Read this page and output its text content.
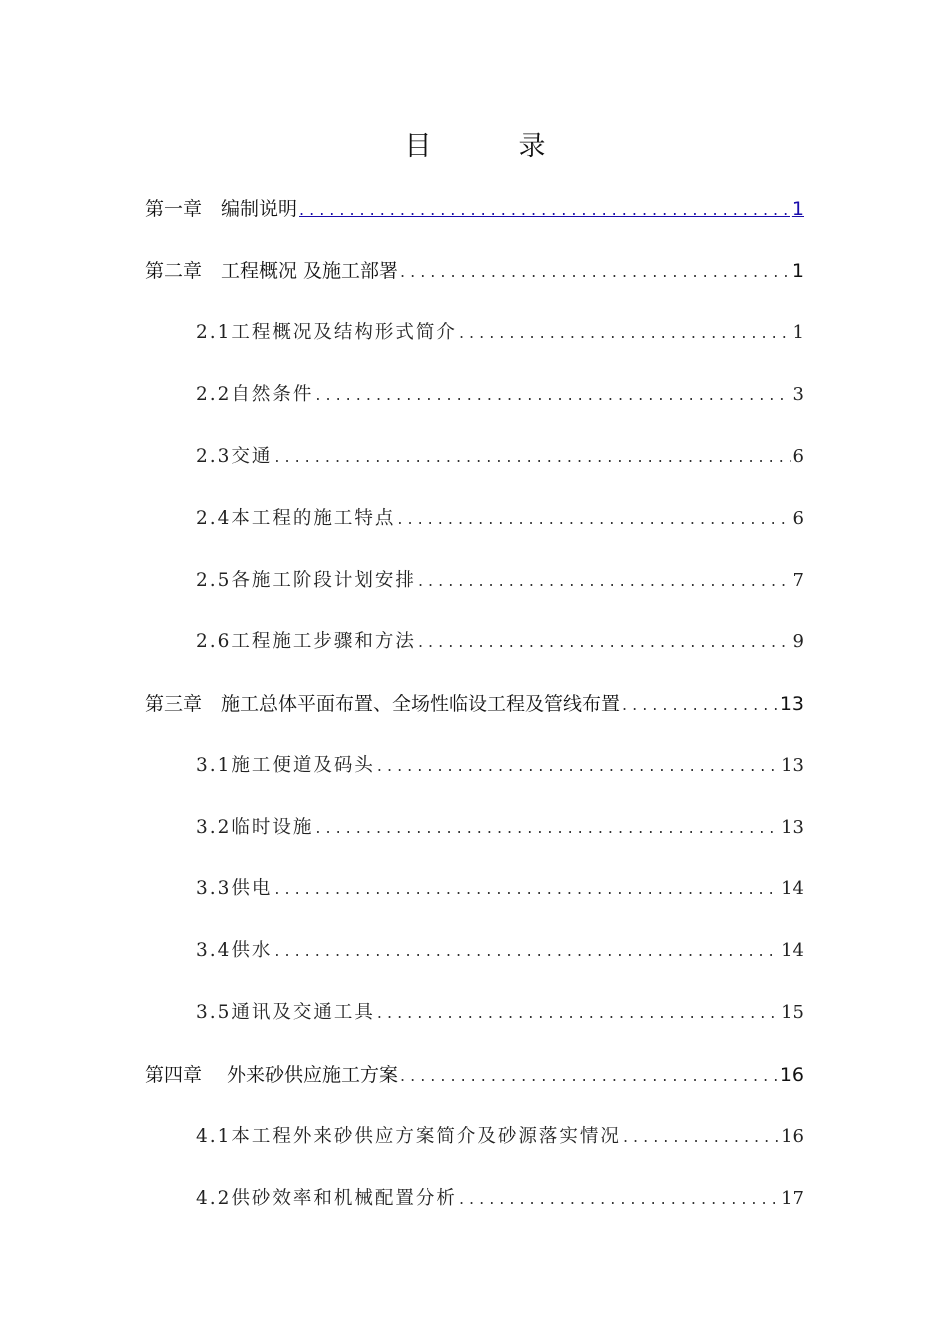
目　录
第一章　编制说明 .....	1
第二章　工程概况 及施工部署 .....	1
2.1工程概况及结构形式简介 .....	1
2.2自然条件 .....	3
2.3交通 .....	6
2.4本工程的施工特点 .....	6
2.5各施工阶段计划安排 .....	7
2.6工程施工步骤和方法 .....	9
第三章　施工总体平面布置、全场性临设工程及管线布置 .....	13
3.1施工便道及码头 .....	13
3.2临时设施 .....	13
3.3供电 .....	14
3.4供水 .....	14
3.5通讯及交通工具 .....	15
第四章　 外来砂供应施工方案 .....	16
4.1本工程外来砂供应方案简介及砂源落实情况 .....	16
4.2供砂效率和机械配置分析 .....	17
